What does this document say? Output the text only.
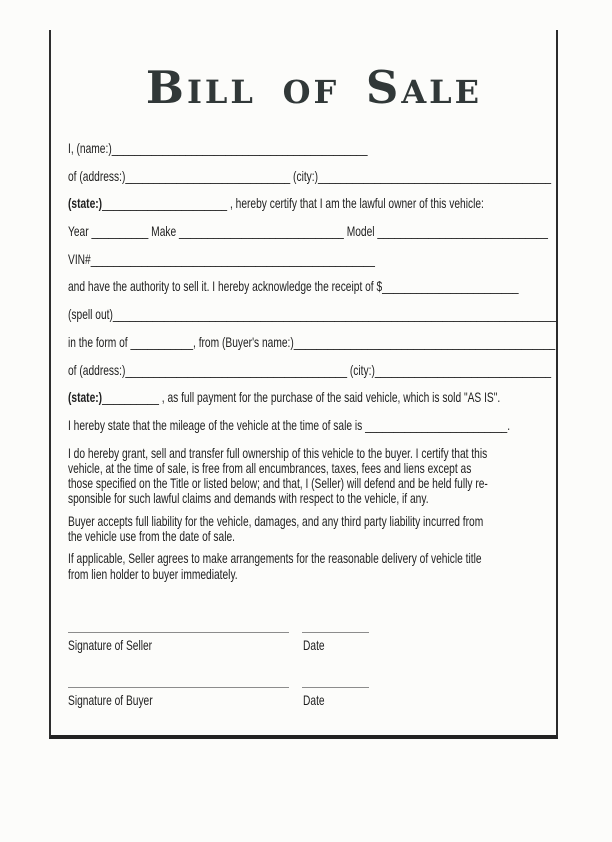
Bill of Sale
I, (name:)_____________________________________________
of (address:)_____________________________ (city:)_________________________________________
(state:)______________________ , hereby certify that I am the lawful owner of this vehicle:
Year __________ Make _____________________________ Model ______________________________
VIN#__________________________________________________
and have the authority to sell it. I hereby acknowledge the receipt of $________________________
(spell out)______________________________________________________________________________
in the form of ___________, from (Buyer's name:)______________________________________________
of (address:)_______________________________________ (city:)_______________________________
(state:)__________ , as full payment for the purchase of the said vehicle, which is sold "AS IS".
I hereby state that the mileage of the vehicle at the time of sale is _________________________.
I do hereby grant, sell and transfer full ownership of this vehicle to the buyer. I certify that this
vehicle, at the time of sale, is free from all encumbrances, taxes, fees and liens except as
those specified on the Title or listed below; and that, I (Seller) will defend and be held fully re-
sponsible for such lawful claims and demands with respect to the vehicle, if any.
Buyer accepts full liability for the vehicle, damages, and any third party liability incurred from
the vehicle use from the date of sale.
If applicable, Seller agrees to make arrangements for the reasonable delivery of vehicle title
from lien holder to buyer immediately.
Signature of Seller	Date
Signature of Buyer	Date
